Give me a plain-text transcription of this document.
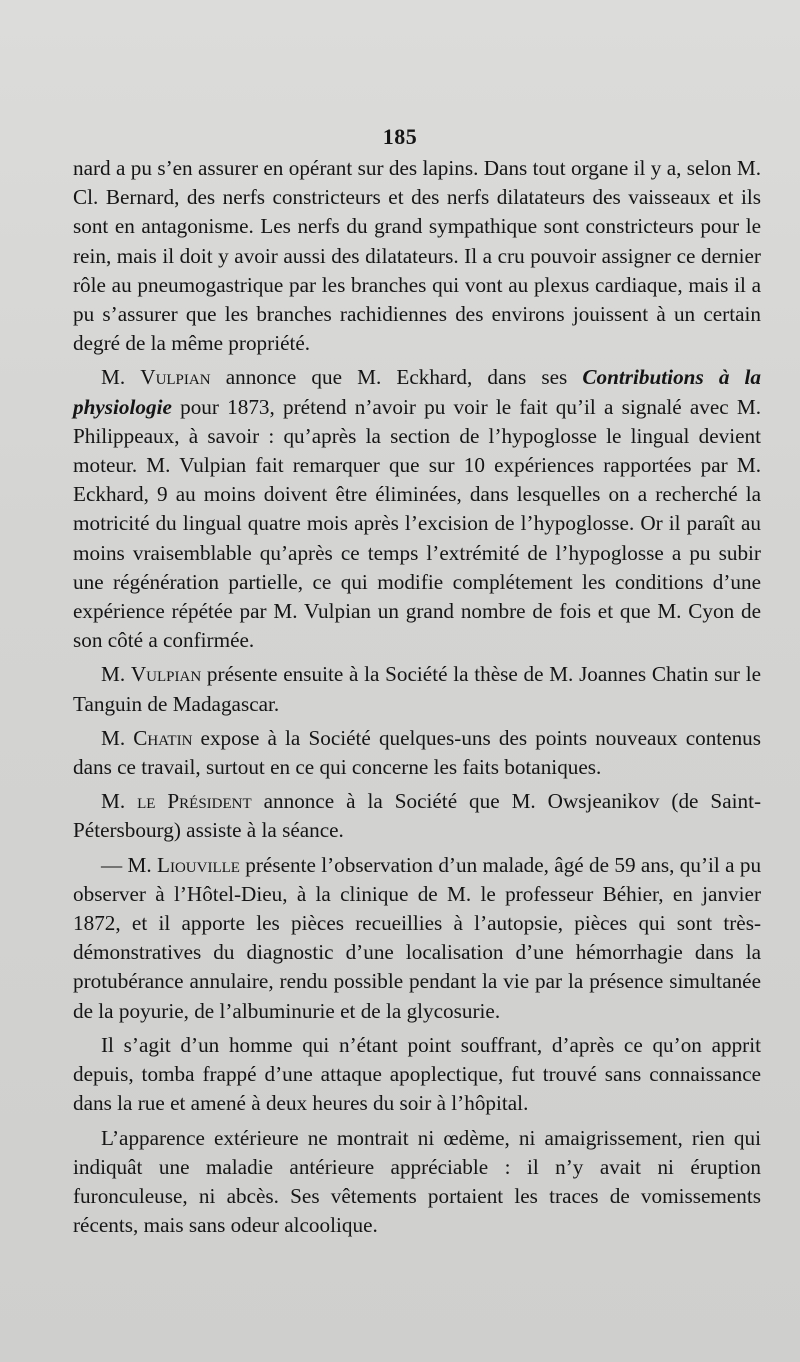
185

nard a pu s’en assurer en opérant sur des lapins. Dans tout organe il y a, selon M. Cl. Bernard, des nerfs constricteurs et des nerfs dilatateurs des vaisseaux et ils sont en antagonisme. Les nerfs du grand sympathique sont constricteurs pour le rein, mais il doit y avoir aussi des dilatateurs. Il a cru pouvoir assigner ce dernier rôle au pneumogastrique par les branches qui vont au plexus cardiaque, mais il a pu s’assurer que les branches rachidiennes des environs jouissent à un certain degré de la même propriété.

M. Vulpian annonce que M. Eckhard, dans ses Contributions à la physiologie pour 1873, prétend n’avoir pu voir le fait qu’il a signalé avec M. Philippeaux, à savoir : qu’après la section de l’hypoglosse le lingual devient moteur. M. Vulpian fait remarquer que sur 10 expériences rapportées par M. Eckhard, 9 au moins doivent être éliminées, dans lesquelles on a recherché la motricité du lingual quatre mois après l’excision de l’hypoglosse. Or il paraît au moins vraisemblable qu’après ce temps l’extrémité de l’hypoglosse a pu subir une régénération partielle, ce qui modifie complétement les conditions d’une expérience répétée par M. Vulpian un grand nombre de fois et que M. Cyon de son côté a confirmée.

M. Vulpian présente ensuite à la Société la thèse de M. Joannes Chatin sur le Tanguin de Madagascar.

M. Chatin expose à la Société quelques-uns des points nouveaux contenus dans ce travail, surtout en ce qui concerne les faits botaniques.

M. le Président annonce à la Société que M. Owsjeanikov (de Saint-Pétersbourg) assiste à la séance.

— M. Liouville présente l’observation d’un malade, âgé de 59 ans, qu’il a pu observer à l’Hôtel-Dieu, à la clinique de M. le professeur Béhier, en janvier 1872, et il apporte les pièces recueillies à l’autopsie, pièces qui sont très-démonstratives du diagnostic d’une localisation d’une hémorrhagie dans la protubérance annulaire, rendu possible pendant la vie par la présence simultanée de la poyurie, de l’albuminurie et de la glycosurie.

Il s’agit d’un homme qui n’étant point souffrant, d’après ce qu’on apprit depuis, tomba frappé d’une attaque apoplectique, fut trouvé sans connaissance dans la rue et amené à deux heures du soir à l’hôpital.

L’apparence extérieure ne montrait ni œdème, ni amaigrissement, rien qui indiquât une maladie antérieure appréciable : il n’y avait ni éruption furonculeuse, ni abcès. Ses vêtements portaient les traces de vomissements récents, mais sans odeur alcoolique.
